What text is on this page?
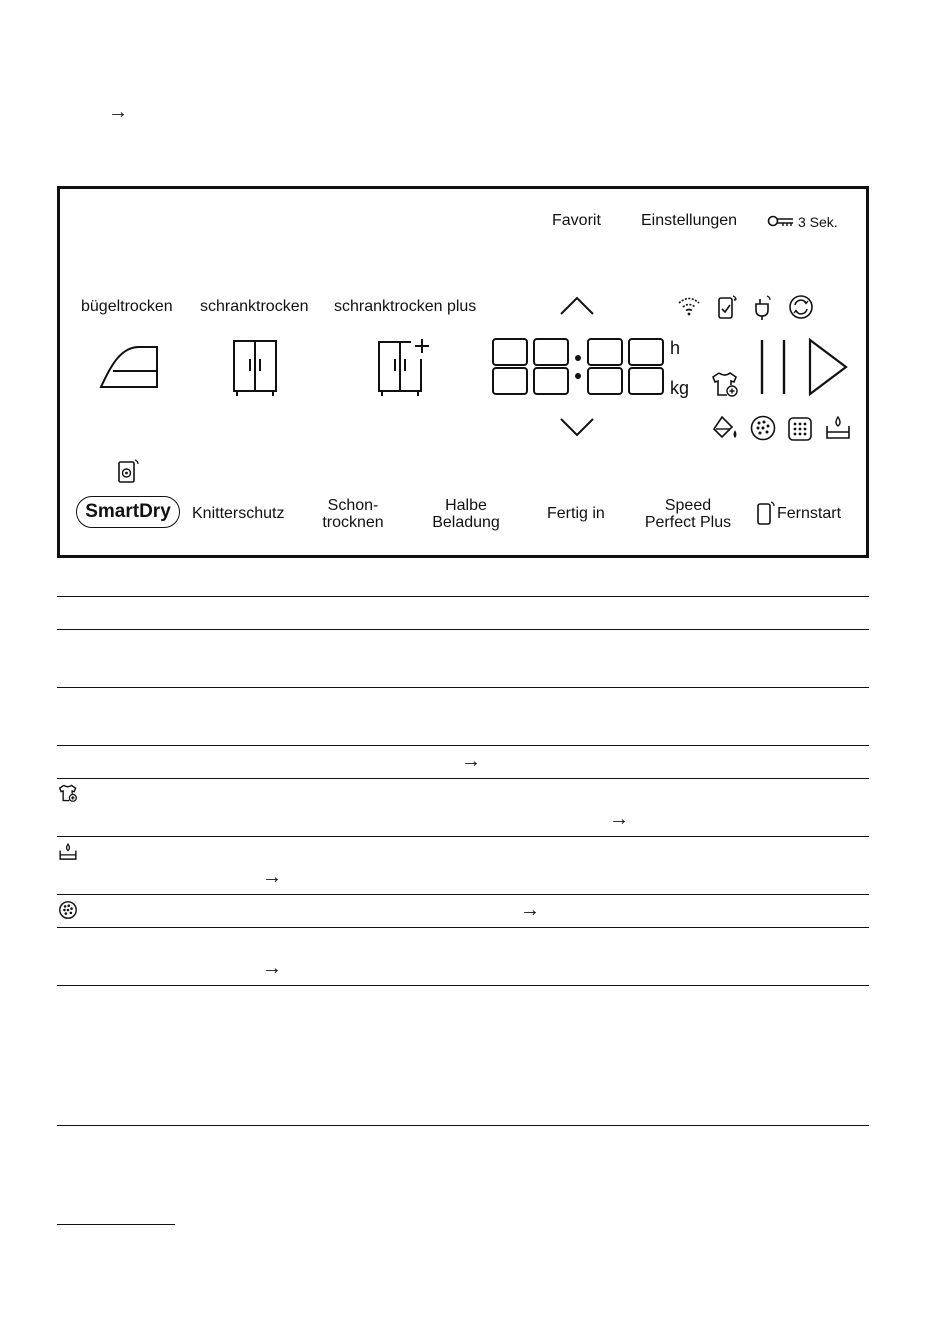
→
Favorit	Einstellungen	3 Sek.
bügeltrocken schranktrocken schranktrocken plus
h
kg
SmartDry	Knitterschutz	Schon-
trocknen
Halbe
Beladung
Fertig in	Speed
Perfect Plus
Fernstart
→
→
→
→
→
